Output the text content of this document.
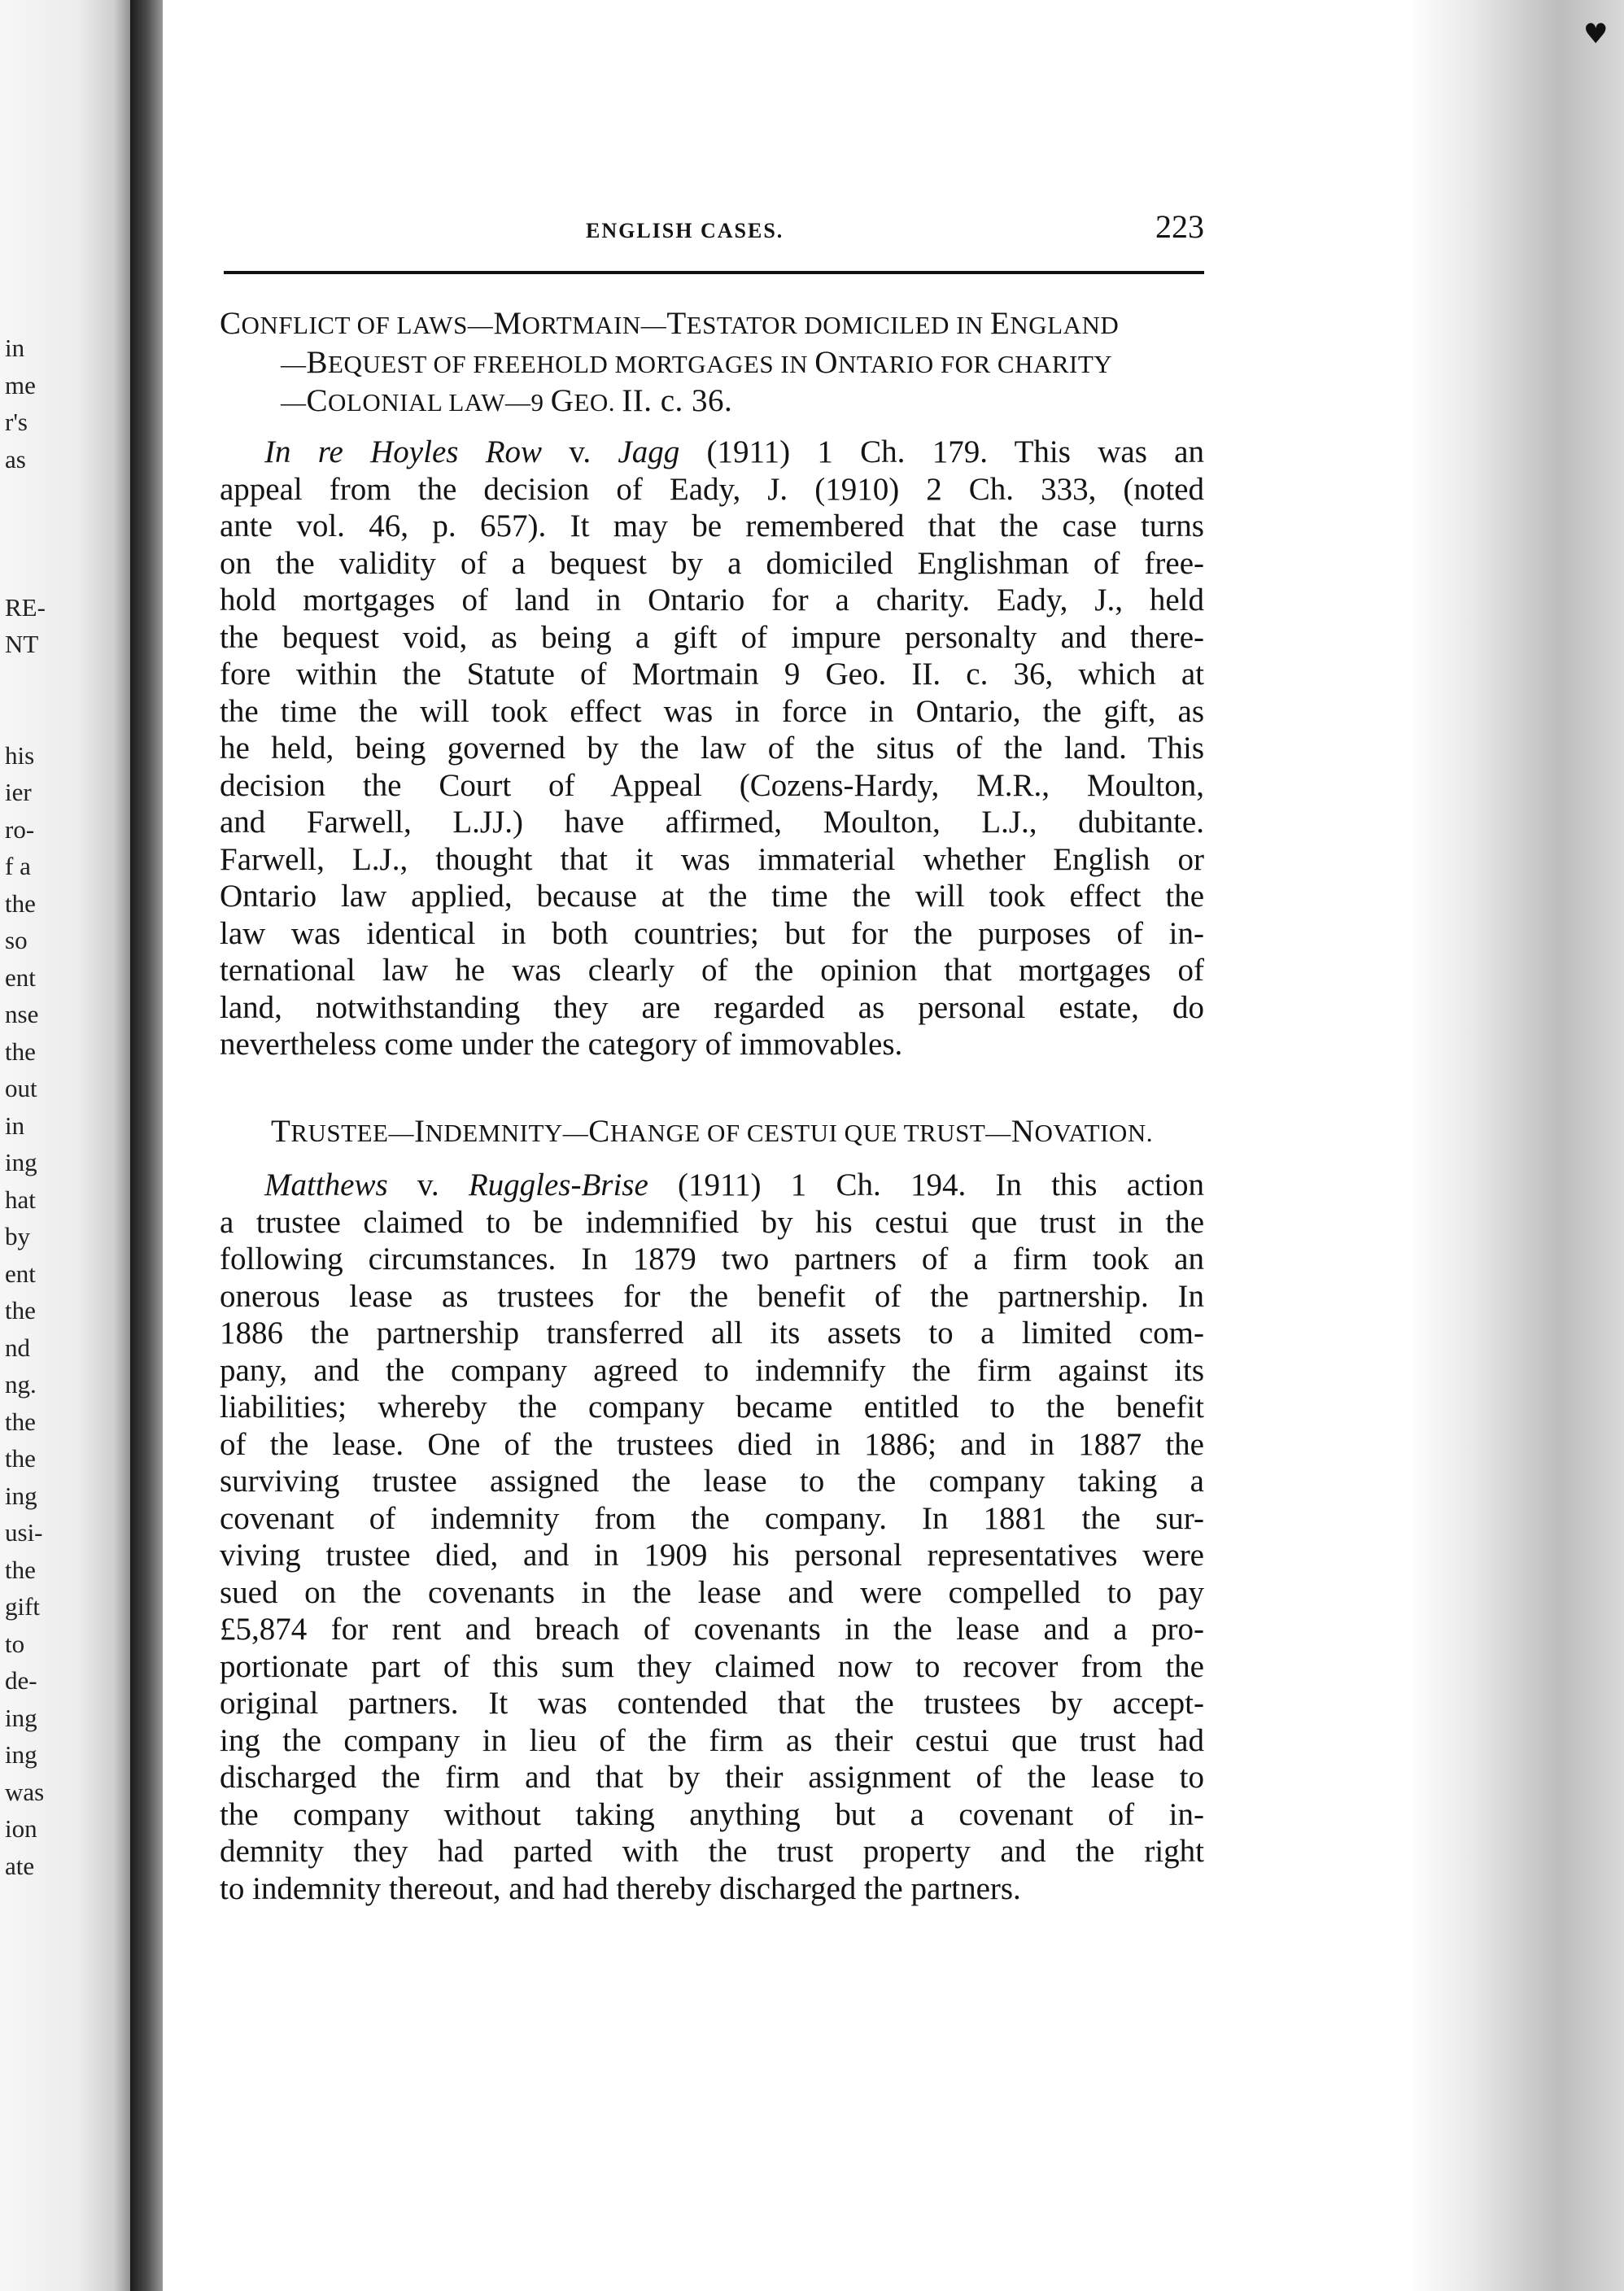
♥
in
me
r's
as

RE-
NT

his
ier
ro-
f a
the
so
ent
nse
the
out
in
ing
hat
by
ent
the
nd
ng.
the
the
ing
usi-
the
gift
to
de-
ing
ing
was
ion
ate
ENGLISH CASES.	223
CONFLICT OF LAWS—MORTMAIN—TESTATOR DOMICILED IN ENGLAND
—BEQUEST OF FREEHOLD MORTGAGES IN ONTARIO FOR CHARITY
—COLONIAL LAW—9 GEO. II. c. 36.
In re Hoyles Row v. Jagg (1911) 1 Ch. 179. This was an
appeal from the decision of Eady, J. (1910) 2 Ch. 333, (noted
ante vol. 46, p. 657). It may be remembered that the case turns
on the validity of a bequest by a domiciled Englishman of free-
hold mortgages of land in Ontario for a charity. Eady, J., held
the bequest void, as being a gift of impure personalty and there-
fore within the Statute of Mortmain 9 Geo. II. c. 36, which at
the time the will took effect was in force in Ontario, the gift, as
he held, being governed by the law of the situs of the land. This
decision the Court of Appeal (Cozens-Hardy, M.R., Moulton,
and Farwell, L.JJ.) have affirmed, Moulton, L.J., dubitante.
Farwell, L.J., thought that it was immaterial whether English or
Ontario law applied, because at the time the will took effect the
law was identical in both countries; but for the purposes of in-
ternational law he was clearly of the opinion that mortgages of
land, notwithstanding they are regarded as personal estate, do
nevertheless come under the category of immovables.
TRUSTEE—INDEMNITY—CHANGE OF CESTUI QUE TRUST—NOVATION.
Matthews v. Ruggles-Brise (1911) 1 Ch. 194. In this action
a trustee claimed to be indemnified by his cestui que trust in the
following circumstances. In 1879 two partners of a firm took an
onerous lease as trustees for the benefit of the partnership. In
1886 the partnership transferred all its assets to a limited com-
pany, and the company agreed to indemnify the firm against its
liabilities; whereby the company became entitled to the benefit
of the lease. One of the trustees died in 1886; and in 1887 the
surviving trustee assigned the lease to the company taking a
covenant of indemnity from the company. In 1881 the sur-
viving trustee died, and in 1909 his personal representatives were
sued on the covenants in the lease and were compelled to pay
£5,874 for rent and breach of covenants in the lease and a pro-
portionate part of this sum they claimed now to recover from the
original partners. It was contended that the trustees by accept-
ing the company in lieu of the firm as their cestui que trust had
discharged the firm and that by their assignment of the lease to
the company without taking anything but a covenant of in-
demnity they had parted with the trust property and the right
to indemnity thereout, and had thereby discharged the partners.
